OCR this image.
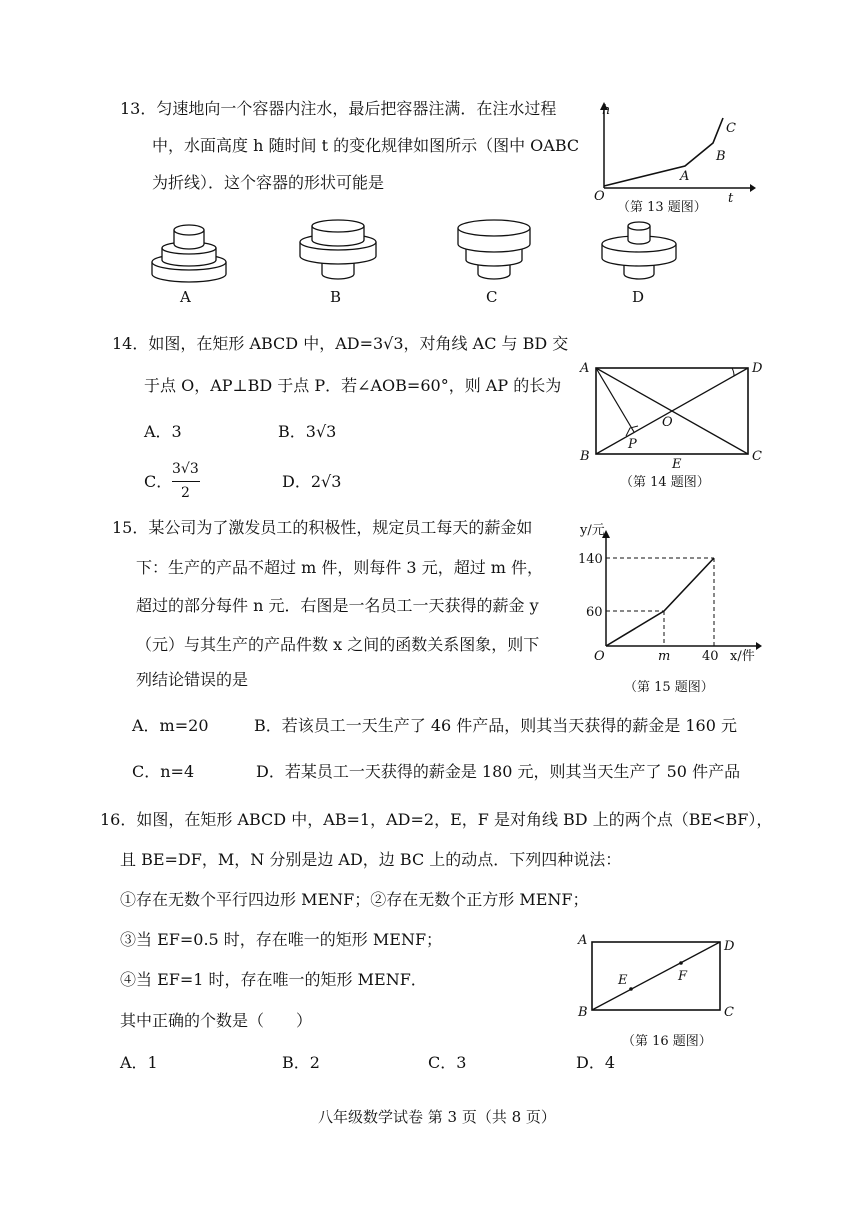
13．匀速地向一个容器内注水，最后把容器注满．在注水过程
中，水面高度 h 随时间 t 的变化规律如图所示（图中 OABC
为折线）．这个容器的形状可能是
h
t
O
A
B
C
（第 13 题图）
A	B	C	D
14．如图，在矩形 ABCD 中，AD=3√3，对角线 AC 与 BD 交
于点 O，AP⊥BD 于点 P．若∠AOB=60°，则 AP 的长为
A．3	B．3√3
C．
3√3
2
D．2√3
A	D
B	C
O
P
E
（第 14 题图）
15．某公司为了激发员工的积极性，规定员工每天的薪金如
下：生产的产品不超过 m 件，则每件 3 元，超过 m 件，
超过的部分每件 n 元．右图是一名员工一天获得的薪金 y
（元）与其生产的产品件数 x 之间的函数关系图象，则下
列结论错误的是
y/元
140
60
O	m 40 x/件
（第 15 题图）
A．m=20	B．若该员工一天生产了 46 件产品，则其当天获得的薪金是 160 元
C．n=4	D．若某员工一天获得的薪金是 180 元，则其当天生产了 50 件产品
16．如图，在矩形 ABCD 中，AB=1，AD=2，E，F 是对角线 BD 上的两个点（BE<BF），
且 BE=DF，M，N 分别是边 AD，边 BC 上的动点．下列四种说法：
①存在无数个平行四边形 MENF；②存在无数个正方形 MENF；
③当 EF=0.5 时，存在唯一的矩形 MENF；
④当 EF=1 时，存在唯一的矩形 MENF．
其中正确的个数是（　　）
A．1	B．2	C．3	D．4
A	D
B	C
E	F
（第 16 题图）
八年级数学试卷 第 3 页（共 8 页）
